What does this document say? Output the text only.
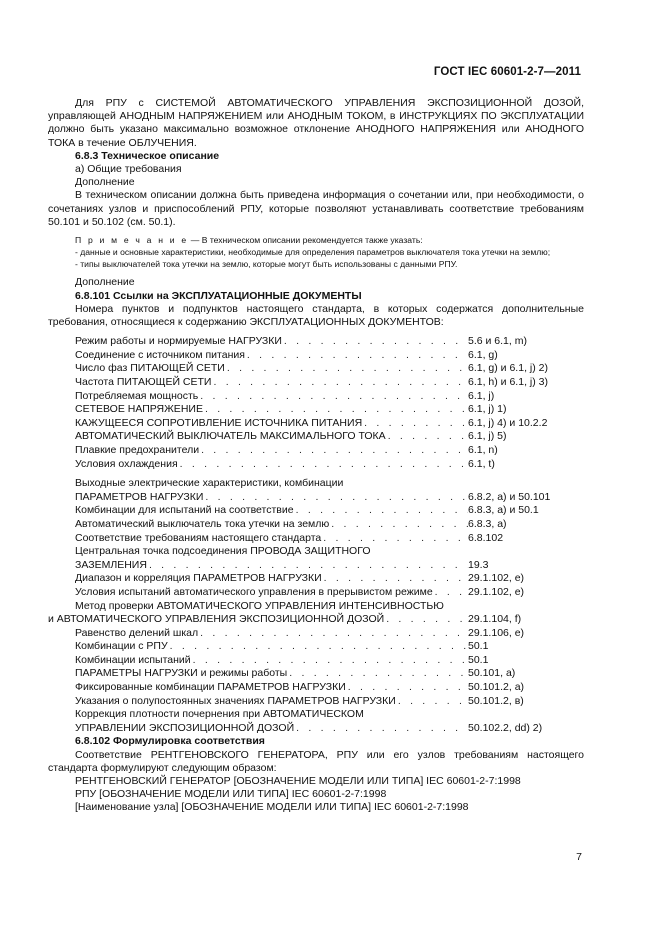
ГОСТ IEC 60601-2-7—2011

Для РПУ с СИСТЕМОЙ АВТОМАТИЧЕСКОГО УПРАВЛЕНИЯ ЭКСПОЗИЦИОННОЙ ДОЗОЙ, управляющей АНОДНЫМ НАПРЯЖЕНИЕМ или АНОДНЫМ ТОКОМ, в ИНСТРУКЦИЯХ ПО ЭКСПЛУАТАЦИИ должно быть указано максимально возможное отклонение АНОДНОГО НАПРЯЖЕНИЯ или АНОДНОГО ТОКА в течение ОБЛУЧЕНИЯ.

6.8.3 Техническое описание

а) Общие требования

Дополнение

В техническом описании должна быть приведена информация о сочетании или, при необходимости, о сочетаниях узлов и приспособлений РПУ, которые позволяют устанавливать соответствие требованиям 50.101 и 50.102 (см. 50.1).

П р и м е ч а н и е — В техническом описании рекомендуется также указать:

- данные и основные характеристики, необходимые для определения параметров выключателя тока утечки на землю;

- типы выключателей тока утечки на землю, которые могут быть использованы с данными РПУ.

Дополнение

6.8.101 Ссылки на ЭКСПЛУАТАЦИОННЫЕ ДОКУМЕНТЫ

Номера пунктов и подпунктов настоящего стандарта, в которых содержатся дополнительные требования, относящиеся к содержанию ЭКСПЛУАТАЦИОННЫХ ДОКУМЕНТОВ:

Режим работы и нормируемые НАГРУЗКИ . . .	5.6 и 6.1, m)
Соединение с источником питания . . .	6.1, g)
Число фаз ПИТАЮЩЕЙ СЕТИ . . .	6.1, g) и 6.1, j) 2)
Частота ПИТАЮЩЕЙ СЕТИ . . .	6.1, h) и 6.1, j) 3)
Потребляемая мощность . . .	6.1, j)
СЕТЕВОЕ НАПРЯЖЕНИЕ . . .	6.1, j) 1)
КАЖУЩЕЕСЯ СОПРОТИВЛЕНИЕ ИСТОЧНИКА ПИТАНИЯ . . .	6.1, j) 4) и 10.2.2
АВТОМАТИЧЕСКИЙ ВЫКЛЮЧАТЕЛЬ МАКСИМАЛЬНОГО ТОКА . . .	6.1, j) 5)
Плавкие предохранители . . .	6.1, n)
Условия охлаждения . . .	6.1, t)
Выходные электрические характеристики, комбинации
ПАРАМЕТРОВ НАГРУЗКИ . . .	6.8.2, a) и 50.101
Комбинации для испытаний на соответствие . . .	6.8.3, a) и 50.1
Автоматический выключатель тока утечки на землю . . .	6.8.3, a)
Соответствие требованиям настоящего стандарта . . .	6.8.102
Центральная точка подсоединения ПРОВОДА ЗАЩИТНОГО
ЗАЗЕМЛЕНИЯ . . .	19.3
Диапазон и корреляция ПАРАМЕТРОВ НАГРУЗКИ . . .	29.1.102, e)
Условия испытаний автоматического управления в прерывистом режиме . . .	29.1.102, e)
Метод проверки АВТОМАТИЧЕСКОГО УПРАВЛЕНИЯ ИНТЕНСИВНОСТЬЮ
и АВТОМАТИЧЕСКОГО УПРАВЛЕНИЯ ЭКСПОЗИЦИОННОЙ ДОЗОЙ . . .	29.1.104, f)
Равенство делений шкал . . .	29.1.106, e)
Комбинации с РПУ . . .	50.1
Комбинации испытаний . . .	50.1
ПАРАМЕТРЫ НАГРУЗКИ и режимы работы . . .	50.101, a)
Фиксированные комбинации ПАРАМЕТРОВ НАГРУЗКИ . . .	50.101.2, a)
Указания о полупостоянных значениях ПАРАМЕТРОВ НАГРУЗКИ . . .	50.101.2, в)
Коррекция плотности почернения при АВТОМАТИЧЕСКОМ
УПРАВЛЕНИИ ЭКСПОЗИЦИОННОЙ ДОЗОЙ . . .	50.102.2, dd) 2)

6.8.102 Формулировка соответствия

Соответствие РЕНТГЕНОВСКОГО ГЕНЕРАТОРА, РПУ или его узлов требованиям настоящего стандарта формулируют следующим образом:

РЕНТГЕНОВСКИЙ ГЕНЕРАТОР [ОБОЗНАЧЕНИЕ МОДЕЛИ ИЛИ ТИПА] IEC 60601-2-7:1998

РПУ [ОБОЗНАЧЕНИЕ МОДЕЛИ ИЛИ ТИПА] IEC 60601-2-7:1998

[Наименование узла] [ОБОЗНАЧЕНИЕ МОДЕЛИ ИЛИ ТИПА] IEC 60601-2-7:1998

7
